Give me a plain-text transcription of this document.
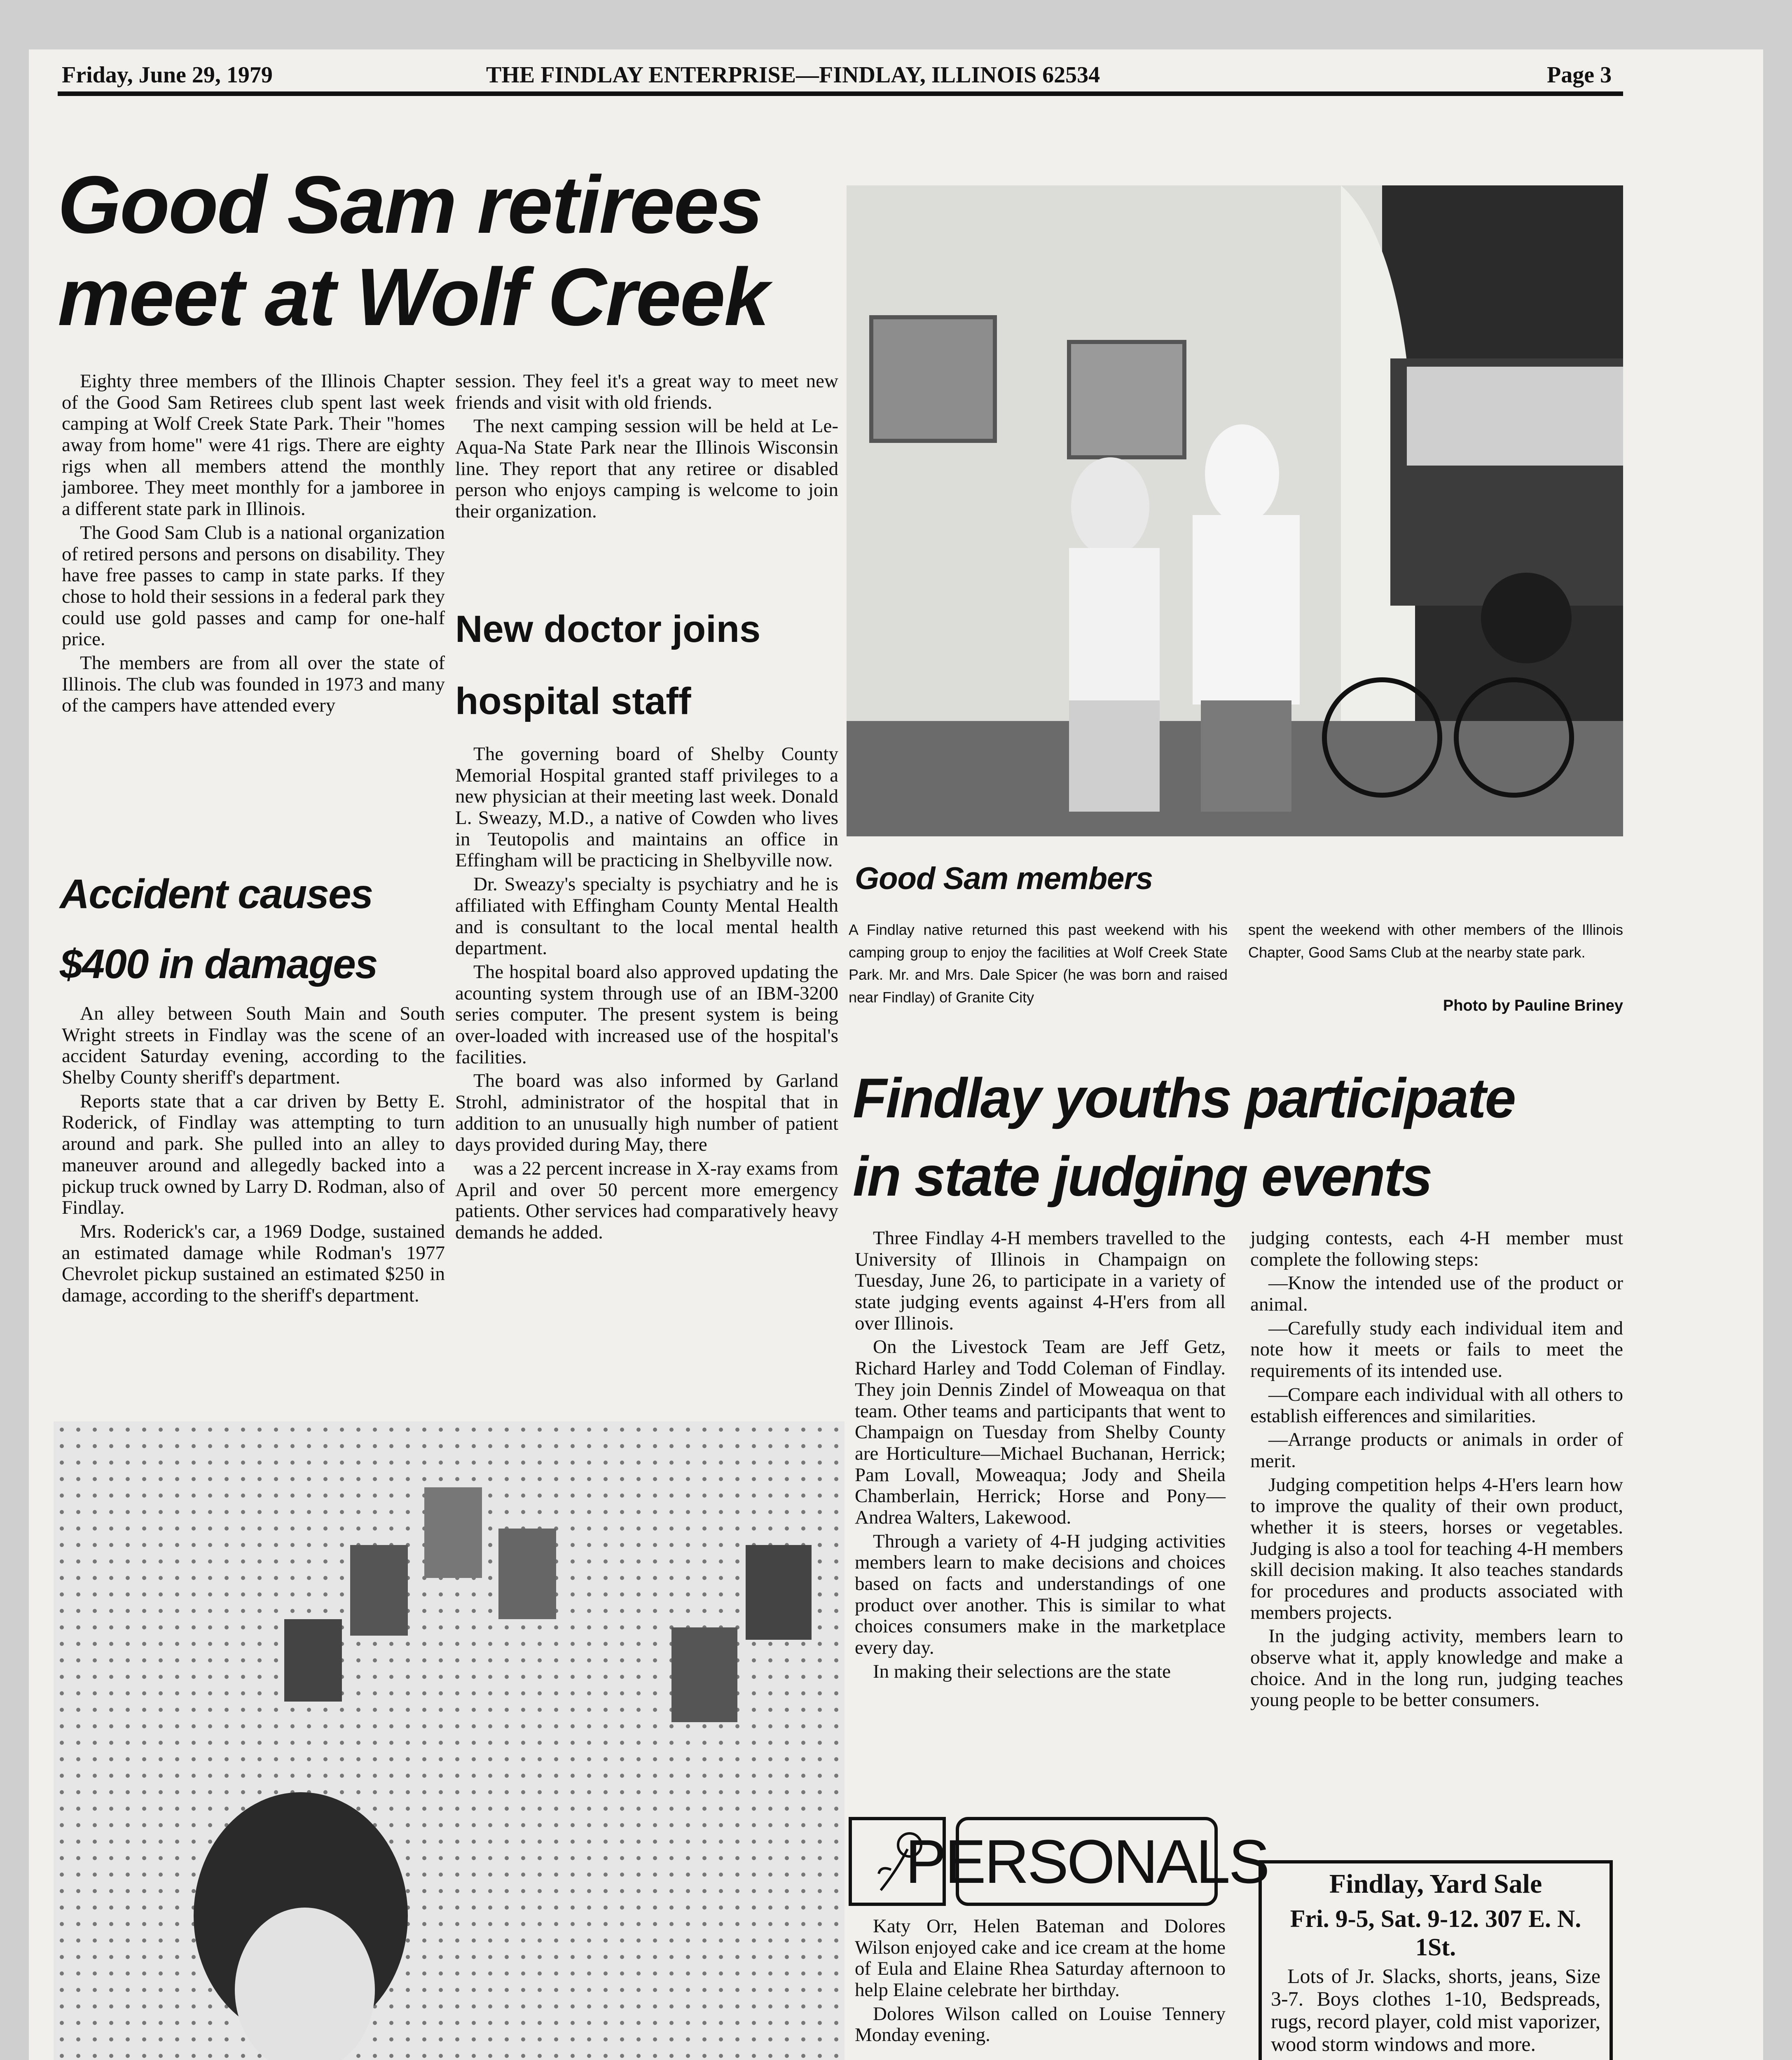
Friday, June 29, 1979	THE FINDLAY ENTERPRISE—FINDLAY, ILLINOIS 62534	Page 3
Good Sam retirees
meet at Wolf Creek

Eighty three members of the Illinois Chapter of the Good Sam Retirees club spent last week camping at Wolf Creek State Park. Their "homes away from home" were 41 rigs. There are eighty rigs when all members attend the monthly jamboree. They meet monthly for a jamboree in a different state park in Illinois.

The Good Sam Club is a national organization of retired persons and persons on disability. They have free passes to camp in state parks. If they chose to hold their sessions in a federal park they could use gold passes and camp for one-half price.

The members are from all over the state of Illinois. The club was founded in 1973 and many of the campers have attended every

session. They feel it's a great way to meet new friends and visit with old friends.

The next camping session will be held at Le-Aqua-Na State Park near the Illinois Wisconsin line. They report that any retiree or disabled person who enjoys camping is welcome to join their organization.

New doctor joins
hospital staff

The governing board of Shelby County Memorial Hospital granted staff privileges to a new physician at their meeting last week. Donald L. Sweazy, M.D., a native of Cowden who lives in Teutopolis and maintains an office in Effingham will be practicing in Shelbyville now.

Dr. Sweazy's specialty is psychiatry and he is affiliated with Effingham County Mental Health and is consultant to the local mental health department.

The hospital board also approved updating the acounting system through use of an IBM-3200 series computer. The present system is being over-loaded with increased use of the hospital's facilities.

The board was also informed by Garland Strohl, administrator of the hospital that in addition to an unusually high number of patient days provided during May, there

was a 22 percent increase in X-ray exams from April and over 50 percent more emergency patients. Other services had comparatively heavy demands he added.

Accident causes
$400 in damages

An alley between South Main and South Wright streets in Findlay was the scene of an accident Saturday evening, according to the Shelby County sheriff's department.

Reports state that a car driven by Betty E. Roderick, of Findlay was attempting to turn around and park. She pulled into an alley to maneuver around and allegedly backed into a pickup truck owned by Larry D. Rodman, also of Findlay.

Mrs. Roderick's car, a 1969 Dodge, sustained an estimated damage while Rodman's 1977 Chevrolet pickup sustained an estimated $250 in damage, according to the sheriff's department.

Good Sam members
A Findlay native returned this past weekend with his camping group to enjoy the facilities at Wolf Creek State Park. Mr. and Mrs. Dale Spicer (he was born and raised near Findlay) of Granite City
spent the weekend with other members of the Illinois Chapter, Good Sams Club at the nearby state park.
Photo by Pauline Briney
Findlay youths participate
in state judging events

Three Findlay 4-H members travelled to the University of Illinois in Champaign on Tuesday, June 26, to participate in a variety of state judging events against 4-H'ers from all over Illinois.

On the Livestock Team are Jeff Getz, Richard Harley and Todd Coleman of Findlay. They join Dennis Zindel of Moweaqua on that team. Other teams and participants that went to Champaign on Tuesday from Shelby County are Horticulture—Michael Buchanan, Herrick; Pam Lovall, Moweaqua; Jody and Sheila Chamberlain, Herrick; Horse and Pony—Andrea Walters, Lakewood.

Through a variety of 4-H judging activities members learn to make decisions and choices based on facts and understandings of one product over another. This is similar to what choices consumers make in the marketplace every day.

In making their selections are the state

judging contests, each 4-H member must complete the following steps:

—Know the intended use of the product or animal.

—Carefully study each individual item and note how it meets or fails to meet the requirements of its intended use.

—Compare each individual with all others to establish eifferences and similarities.

—Arrange products or animals in order of merit.

Judging competition helps 4-H'ers learn how to improve the quality of their own product, whether it is steers, horses or vegetables. Judging is also a tool for teaching 4-H members skill decision making. It also teaches standards for procedures and products associated with members projects.

In the judging activity, members learn to observe what it, apply knowledge and make a choice. And in the long run, judging teaches young people to be better consumers.

PERSONALS

Katy Orr, Helen Bateman and Dolores Wilson enjoyed cake and ice cream at the home of Eula and Elaine Rhea Saturday afternoon to help Elaine celebrate her birthday.

Dolores Wilson called on Louise Tennery Monday evening.

Findlay, Yard Sale
Fri. 9-5, Sat. 9-12. 307 E. N. 1St.
Lots of Jr. Slacks, shorts, jeans, Size 3-7. Boys clothes 1-10, Bedspreads, rugs, record player, cold mist vaporizer, wood storm windows and more.
